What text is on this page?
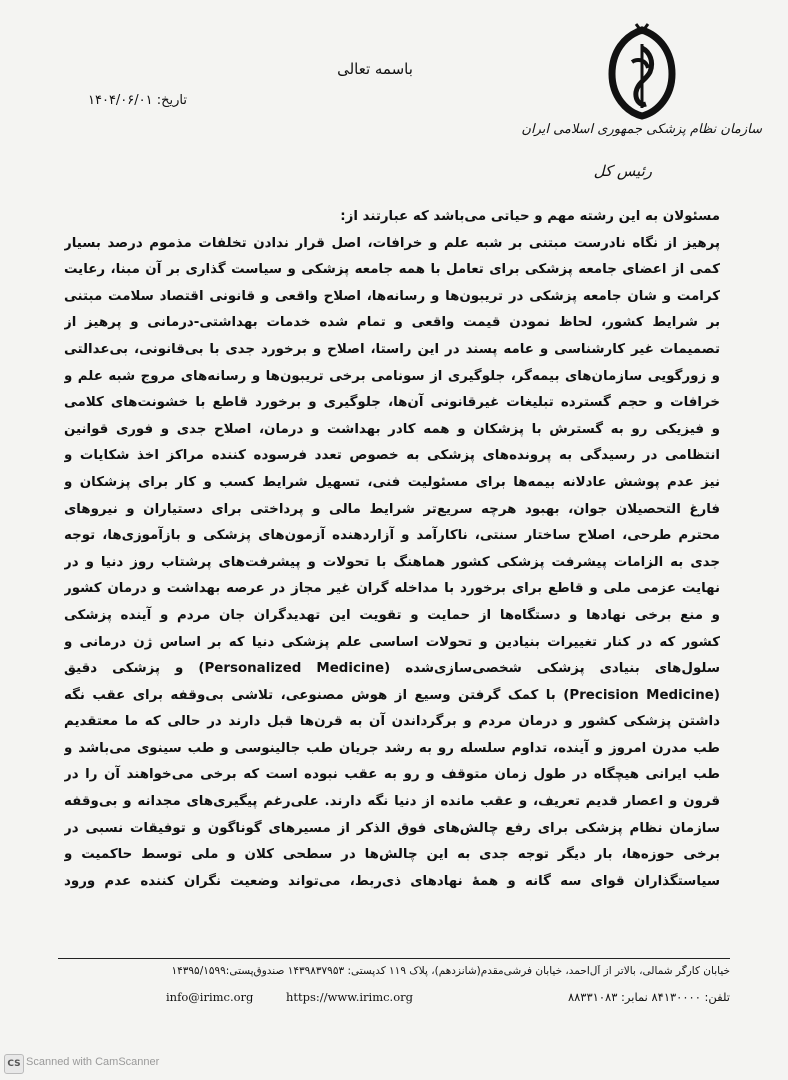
سازمان نظام پزشکی جمهوری اسلامی ایران
رئیس کل
باسمه تعالی
تاریخ: ۱۴۰۴/۰۶/۰۱
مسئولان به این رشته مهم و حیاتی می‌باشد که عبارتند از:
پرهیز از نگاه نادرست مبتنی بر شبه علم و خرافات، اصل قرار ندادن تخلفات مذموم درصد بسیار
کمی از اعضای جامعه پزشکی برای تعامل با همه جامعه پزشکی و سیاست گذاری بر آن مبنا، رعایت
کرامت و شان جامعه پزشکی در تریبون‌ها و رسانه‌ها، اصلاح واقعی و قانونی اقتصاد سلامت مبتنی
بر شرایط کشور، لحاظ نمودن قیمت واقعی و تمام شده خدمات بهداشتی-درمانی و پرهیز از
تصمیمات غیر کارشناسی و عامه پسند در این راستا، اصلاح و برخورد جدی با بی‌قانونی، بی‌عدالتی
و زورگویی سازمان‌های بیمه‌گر، جلوگیری از سونامی برخی تریبون‌ها و رسانه‌های مروج شبه علم و
خرافات و حجم گسترده تبلیغات غیرقانونی آن‌ها، جلوگیری و برخورد قاطع با خشونت‌های کلامی
و فیزیکی رو به گسترش با پزشکان و همه کادر بهداشت و درمان، اصلاح جدی و فوری قوانین
انتظامی در رسیدگی به پرونده‌های پزشکی به خصوص تعدد فرسوده کننده مراکز اخذ شکایات و
نیز عدم پوشش عادلانه بیمه‌ها برای مسئولیت فنی، تسهیل شرایط کسب و کار برای پزشکان و
فارغ التحصیلان جوان، بهبود هرچه سریع‌تر شرایط مالی و پرداختی برای دستیاران و نیروهای
محترم طرحی، اصلاح ساختار سنتی، ناکارآمد و آزاردهنده آزمون‌های پزشکی و بازآموزی‌ها، توجه
جدی به الزامات پیشرفت پزشکی کشور هماهنگ با تحولات و پیشرفت‌های پرشتاب روز دنیا و در
نهایت عزمی ملی و قاطع برای برخورد با مداخله گران غیر مجاز در عرصه بهداشت و درمان کشور
و منع برخی نهادها و دستگاه‌ها از حمایت و تقویت این تهدیدگران جان مردم و آینده پزشکی
کشور که در کنار تغییرات بنیادین و تحولات اساسی علم پزشکی دنیا که بر اساس ژن درمانی و
سلول‌های بنیادی پزشکی شخصی‌سازی‌شده (Personalized Medicine) و پزشکی دقیق
(Precision Medicine) با کمک گرفتن وسیع از هوش مصنوعی، تلاشی بی‌وقفه برای عقب نگه
داشتن پزشکی کشور و درمان مردم و برگرداندن آن به قرن‌ها قبل دارند در حالی که ما معتقدیم
طب مدرن امروز و آینده، تداوم سلسله رو به رشد جریان طب جالینوسی و طب سینوی می‌باشد و
طب ایرانی هیچگاه در طول زمان متوقف و رو به عقب نبوده است که برخی می‌خواهند آن را در
قرون و اعصار قدیم تعریف، و عقب مانده از دنیا نگه دارند. علی‌رغم پیگیری‌های مجدانه و بی‌وقفه
سازمان نظام پزشکی برای رفع چالش‌های فوق الذکر از مسیرهای گوناگون و توفیقات نسبی در
برخی حوزه‌ها، بار دیگر توجه جدی به این چالش‌ها در سطحی کلان و ملی توسط حاکمیت و
سیاستگذاران قوای سه گانه و همهٔ نهادهای ذی‌ربط، می‌تواند وضعیت نگران کننده عدم ورود
خیابان کارگر شمالی، بالاتر از آل‌احمد، خیابان فرشی‌مقدم(شانزدهم)، پلاک ۱۱۹ کدپستی: ۱۴۳۹۸۳۷۹۵۳ صندوق‌پستی:۱۴۳۹۵/۱۵۹۹
info@irimc.org	https://www.irimc.org	تلفن: ۸۴۱۳۰۰۰۰ نمابر: ۸۸۳۳۱۰۸۳
CS Scanned with CamScanner
